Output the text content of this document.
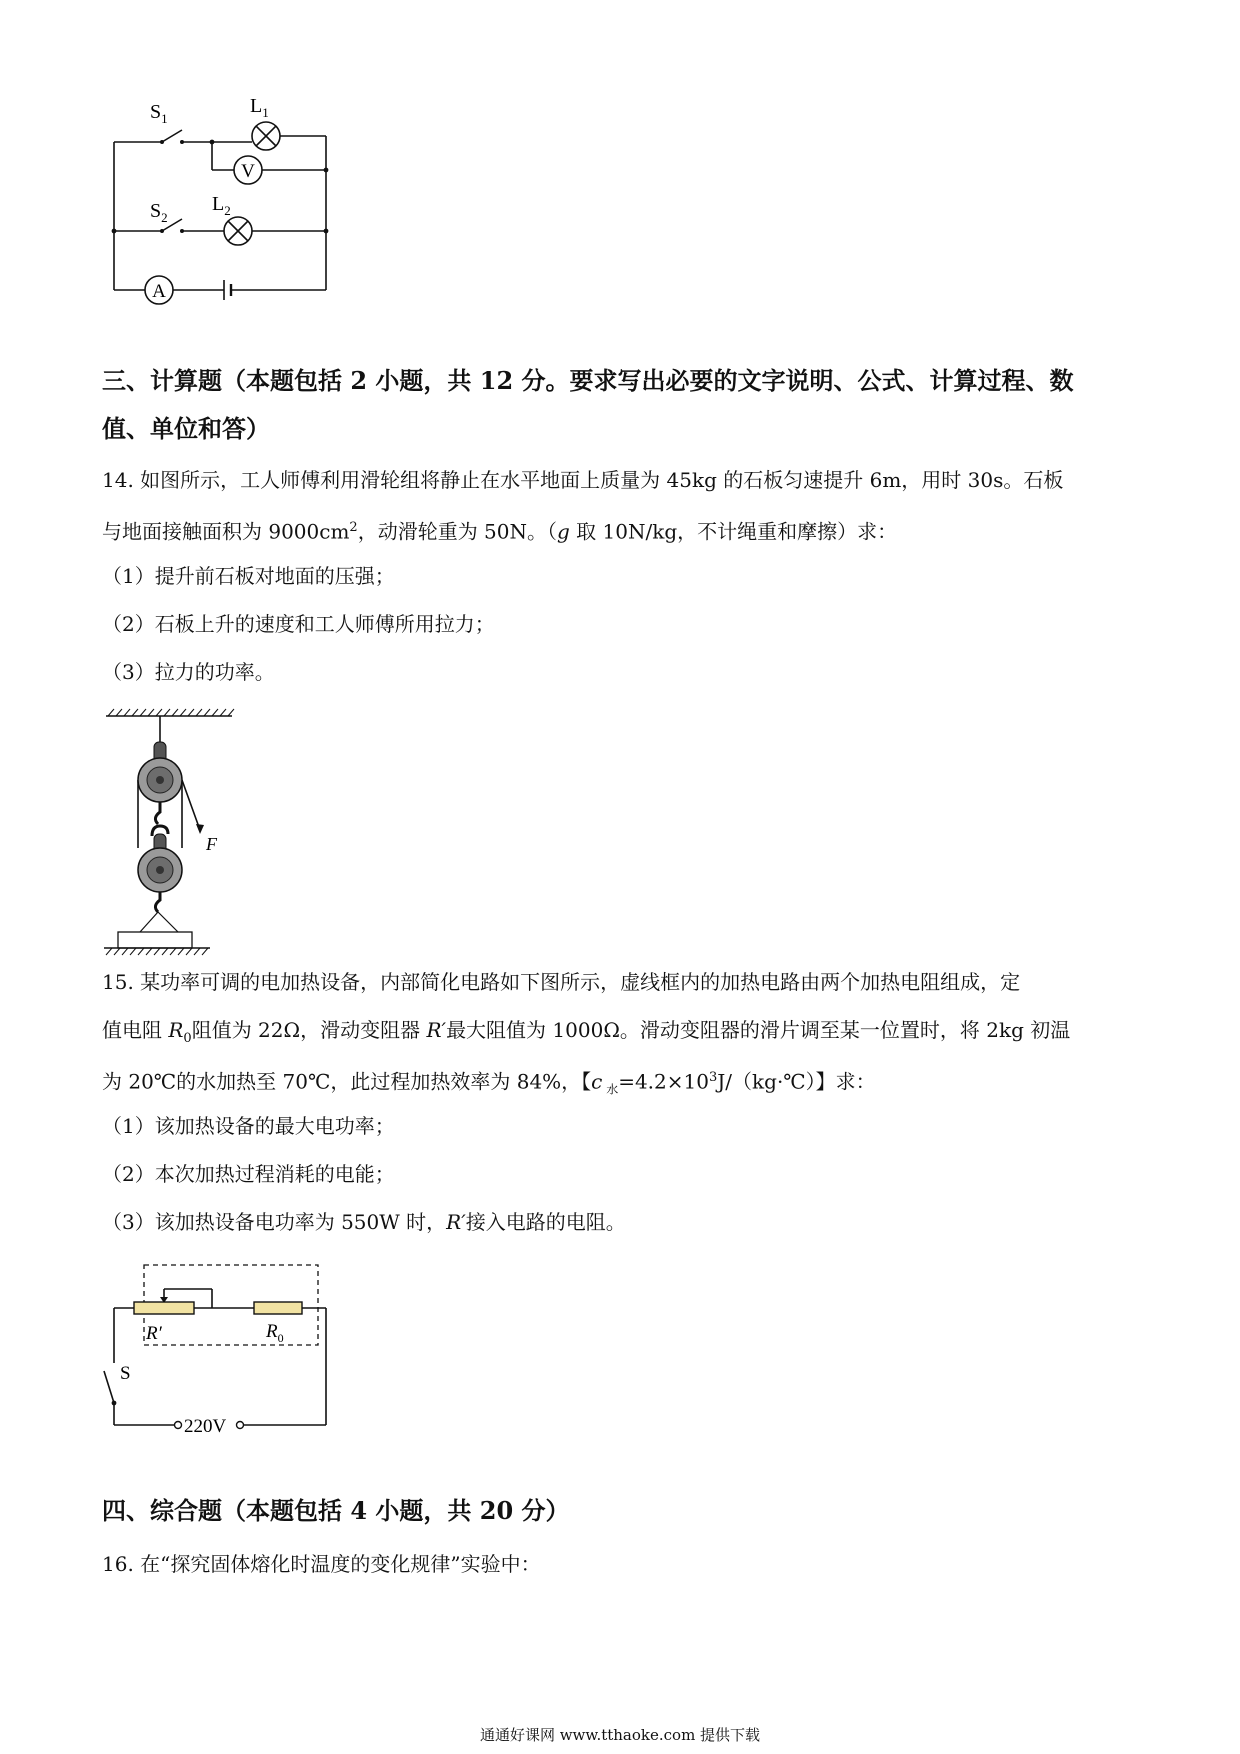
V
A
$S_1$
$L_1$
$S_2$
$L_2$
三、计算题（本题包括 2 小题，共 12 分。要求写出必要的文字说明、公式、计算过程、数
值、单位和答）
14. 如图所示，工人师傅利用滑轮组将静止在水平地面上质量为 45kg 的石板匀速提升 6m，用时 30s。石板
与地面接触面积为 $9000cm^2$，动滑轮重为 50N。（g 取 10N/kg，不计绳重和摩擦）求：
（1）提升前石板对地面的压强；
（2）石板上升的速度和工人师傅所用拉力；
（3）拉力的功率。
F
15. 某功率可调的电加热设备，内部简化电路如下图所示，虚线框内的加热电路由两个加热电阻组成，定
值电阻 $R_0$阻值为 22Ω，滑动变阻器 R′最大阻值为 1000Ω。滑动变阻器的滑片调至某一位置时，将 2kg 初温
为 20℃的水加热至 70℃，此过程加热效率为 84%，【c $_水=4.2\times 10^3J/(kg\cdot℃)$】求：
（1）该加热设备的最大电功率；
（2）本次加热过程消耗的电能；
（3）该加热设备电功率为 550W 时，R′接入电路的电阻。
R′	$R_0$
S
220V
四、综合题（本题包括 4 小题，共 20 分）
16. 在“探究固体熔化时温度的变化规律”实验中：
通通好课网 www.tthaoke.com 提供下载
